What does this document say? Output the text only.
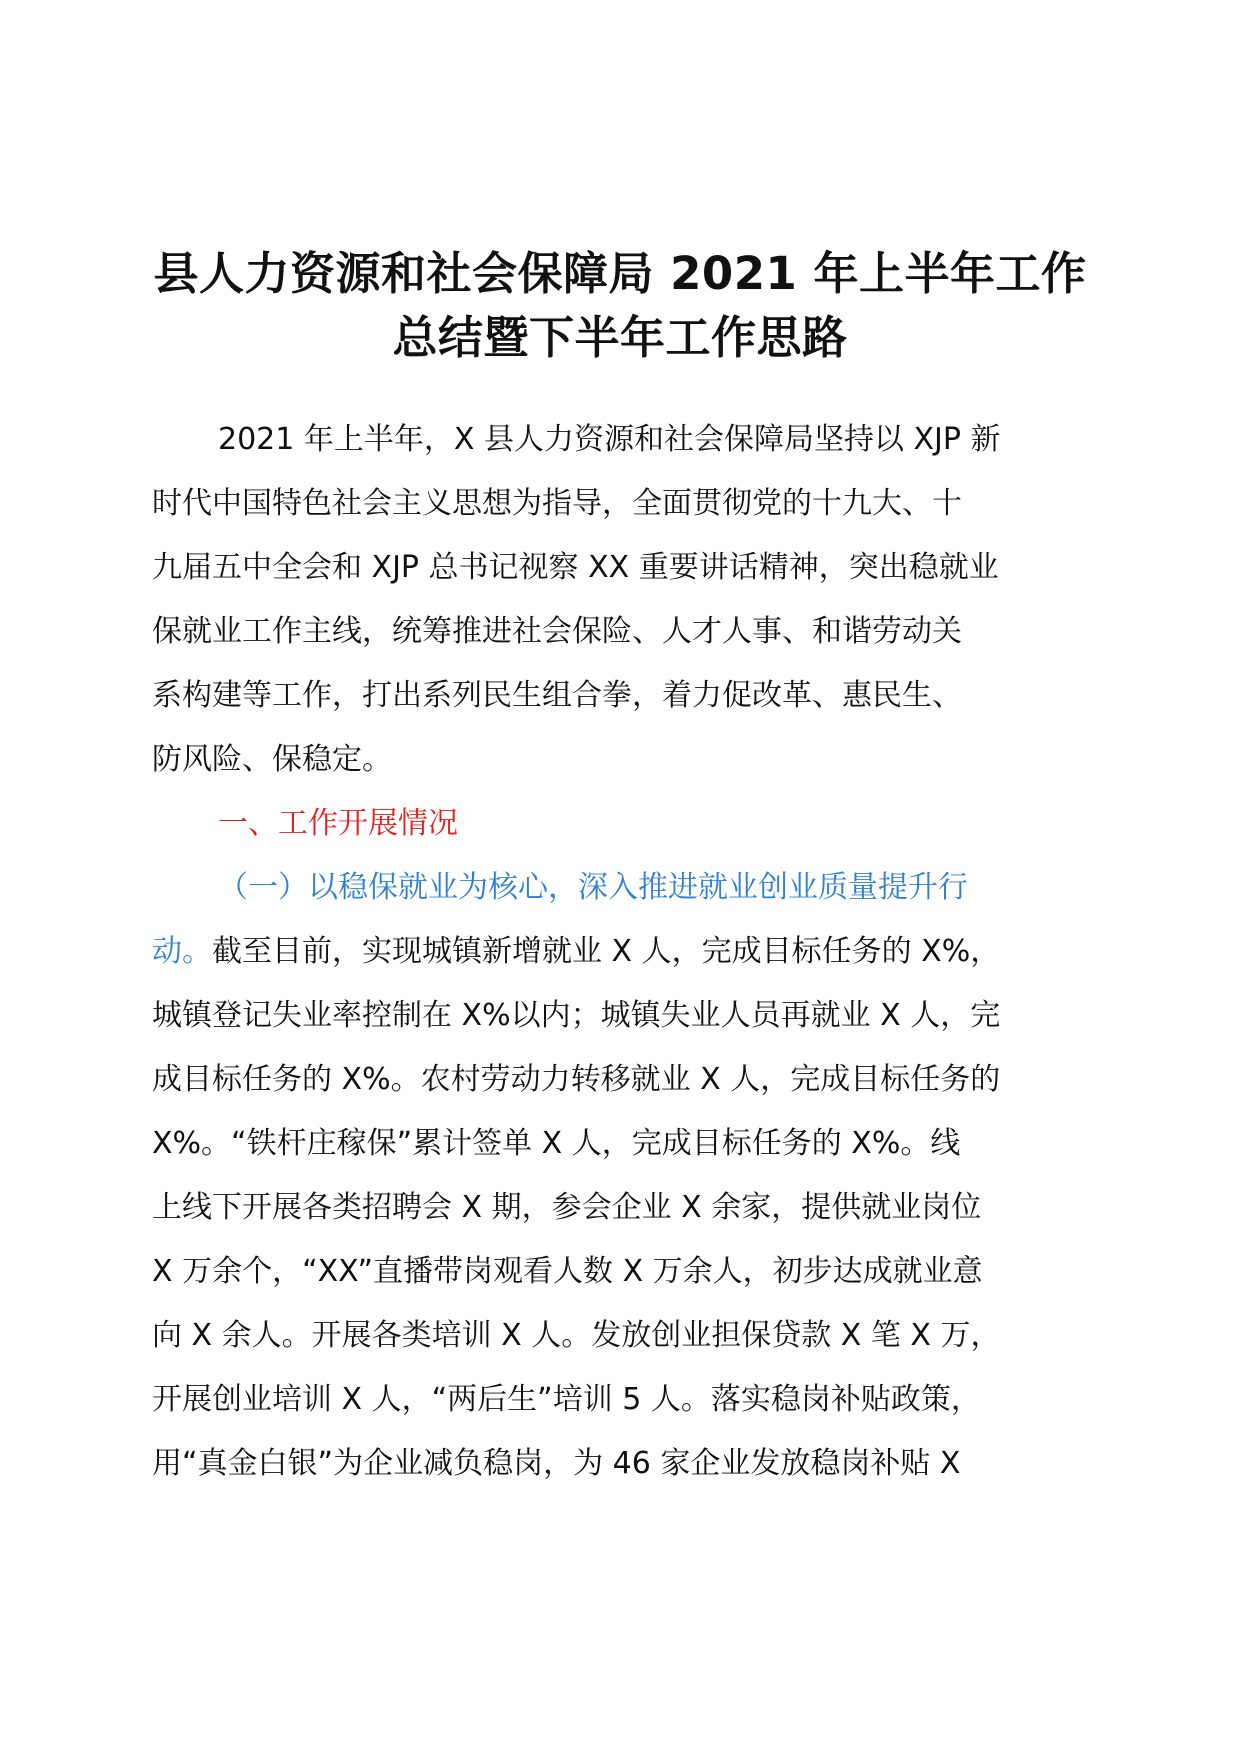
县人力资源和社会保障局 2021 年上半年工作
总结暨下半年工作思路
2021 年上半年，X 县人力资源和社会保障局坚持以 XJP 新
时代中国特色社会主义思想为指导，全面贯彻党的十九大、十
九届五中全会和 XJP 总书记视察 XX 重要讲话精神，突出稳就业
保就业工作主线，统筹推进社会保险、人才人事、和谐劳动关
系构建等工作，打出系列民生组合拳，着力促改革、惠民生、
防风险、保稳定。
一、工作开展情况
（一）以稳保就业为核心，深入推进就业创业质量提升行
动。截至目前，实现城镇新增就业 X 人，完成目标任务的 X%，
城镇登记失业率控制在 X%以内；城镇失业人员再就业 X 人，完
成目标任务的 X%。农村劳动力转移就业 X 人，完成目标任务的
X%。“铁杆庄稼保”累计签单 X 人，完成目标任务的 X%。线
上线下开展各类招聘会 X 期，参会企业 X 余家，提供就业岗位
X 万余个，“XX”直播带岗观看人数 X 万余人，初步达成就业意
向 X 余人。开展各类培训 X 人。发放创业担保贷款 X 笔 X 万，
开展创业培训 X 人，“两后生”培训 5 人。落实稳岗补贴政策，
用“真金白银”为企业减负稳岗，为 46 家企业发放稳岗补贴 X
